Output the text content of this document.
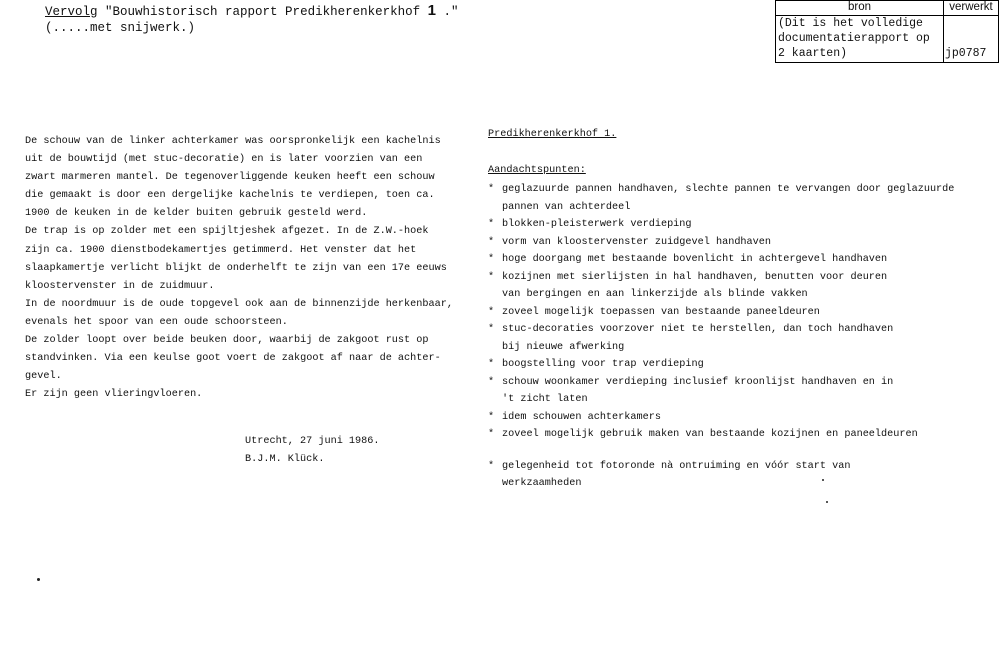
Vervolg "Bouwhistorisch rapport Predikherenkerkhof 1 ."
(.....met snijwerk.)
bron	verwerkt
(Dit is het volledige
documentatierapport op
2 kaarten)	jp0787
De schouw van de linker achterkamer was oorspronkelijk een kachelnis
uit de bouwtijd (met stuc-decoratie) en is later voorzien van een
zwart marmeren mantel. De tegenoverliggende keuken heeft een schouw
die gemaakt is door een dergelijke kachelnis te verdiepen, toen ca.
1900 de keuken in de kelder buiten gebruik gesteld werd.
De trap is op zolder met een spijltjeshek afgezet. In de Z.W.-hoek
zijn ca. 1900 dienstbodekamertjes getimmerd. Het venster dat het
slaapkamertje verlicht blijkt de onderhelft te zijn van een 17e eeuws
kloostervenster in de zuidmuur.
In de noordmuur is de oude topgevel ook aan de binnenzijde herkenbaar,
evenals het spoor van een oude schoorsteen.
De zolder loopt over beide beuken door, waarbij de zakgoot rust op
standvinken. Via een keulse goot voert de zakgoot af naar de achter-
gevel.
Er zijn geen vlieringvloeren.
Utrecht, 27 juni 1986.
B.J.M. Klück.
Predikherenkerkhof 1.
Aandachtspunten:
* geglazuurde pannen handhaven, slechte pannen te vervangen door geglazuurde
pannen van achterdeel
* blokken-pleisterwerk verdieping
* vorm van kloostervenster zuidgevel handhaven
* hoge doorgang met bestaande bovenlicht in achtergevel handhaven
* kozijnen met sierlijsten in hal handhaven, benutten voor deuren
van bergingen en aan linkerzijde als blinde vakken
* zoveel mogelijk toepassen van bestaande paneeldeuren
* stuc-decoraties voorzover niet te herstellen, dan toch handhaven
bij nieuwe afwerking
* boogstelling voor trap verdieping
* schouw woonkamer verdieping inclusief kroonlijst handhaven en in
't zicht laten
* idem schouwen achterkamers
* zoveel mogelijk gebruik maken van bestaande kozijnen en paneeldeuren
* gelegenheid tot fotoronde nà ontruiming en vóór start van
werkzaamheden
